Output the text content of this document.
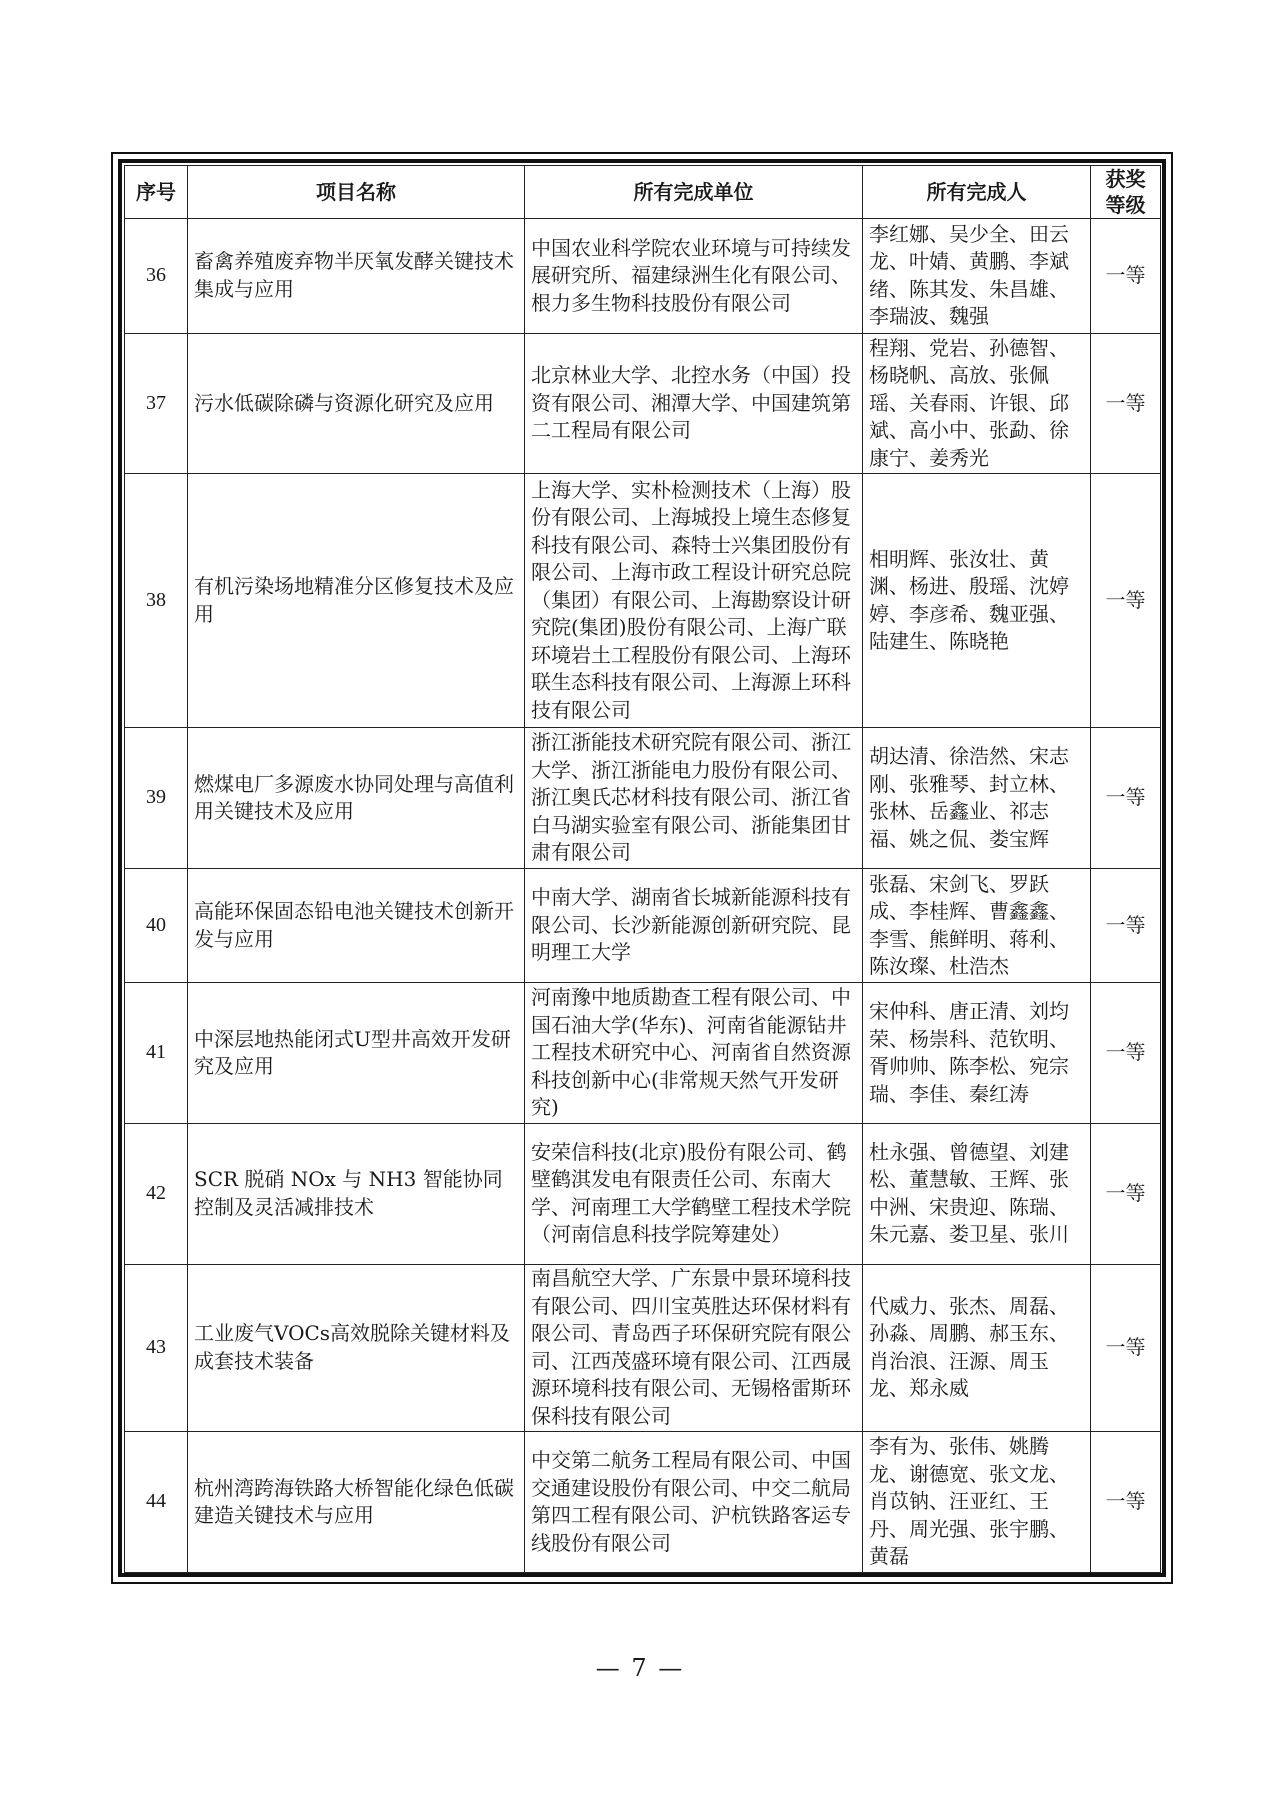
序号	项目名称	所有完成单位	所有完成人	获奖等级
36	畜禽养殖废弃物半厌氧发酵关键技术集成与应用	中国农业科学院农业环境与可持续发展研究所、福建绿洲生化有限公司、根力多生物科技股份有限公司	李红娜、吴少全、田云龙、叶婧、黄鹏、李斌绪、陈其发、朱昌雄、李瑞波、魏强	一等
37	污水低碳除磷与资源化研究及应用	北京林业大学、北控水务（中国）投资有限公司、湘潭大学、中国建筑第二工程局有限公司	程翔、党岩、孙德智、杨晓帆、高放、张佩瑶、关春雨、许银、邱斌、高小中、张勐、徐康宁、姜秀光	一等
38	有机污染场地精准分区修复技术及应用	上海大学、实朴检测技术（上海）股份有限公司、上海城投上境生态修复科技有限公司、森特士兴集团股份有限公司、上海市政工程设计研究总院（集团）有限公司、上海勘察设计研究院(集团)股份有限公司、上海广联环境岩土工程股份有限公司、上海环联生态科技有限公司、上海源上环科技有限公司	相明辉、张汝壮、黄渊、杨进、殷瑶、沈婷婷、李彦希、魏亚强、陆建生、陈晓艳	一等
39	燃煤电厂多源废水协同处理与高值利用关键技术及应用	浙江浙能技术研究院有限公司、浙江大学、浙江浙能电力股份有限公司、浙江奥氏芯材科技有限公司、浙江省白马湖实验室有限公司、浙能集团甘肃有限公司	胡达清、徐浩然、宋志刚、张雅琴、封立林、张林、岳鑫业、祁志福、姚之侃、娄宝辉	一等
40	高能环保固态铅电池关键技术创新开发与应用	中南大学、湖南省长城新能源科技有限公司、长沙新能源创新研究院、昆明理工大学	张磊、宋剑飞、罗跃成、李桂辉、曹鑫鑫、李雪、熊鲜明、蒋利、陈汝璨、杜浩杰	一等
41	中深层地热能闭式U型井高效开发研究及应用	河南豫中地质勘查工程有限公司、中国石油大学(华东)、河南省能源钻井工程技术研究中心、河南省自然资源科技创新中心(非常规天然气开发研究)	宋仲科、唐正清、刘均荣、杨崇科、范钦明、胥帅帅、陈李松、宛宗瑞、李佳、秦红涛	一等
42	SCR 脱硝 NOx 与 NH3 智能协同控制及灵活减排技术	安荣信科技(北京)股份有限公司、鹤壁鹤淇发电有限责任公司、东南大学、河南理工大学鹤壁工程技术学院（河南信息科技学院筹建处）	杜永强、曾德望、刘建松、董慧敏、王辉、张中洲、宋贵迎、陈瑞、朱元嘉、娄卫星、张川	一等
43	工业废气VOCs高效脱除关键材料及成套技术装备	南昌航空大学、广东景中景环境科技有限公司、四川宝英胜达环保材料有限公司、青岛西子环保研究院有限公司、江西茂盛环境有限公司、江西晟源环境科技有限公司、无锡格雷斯环保科技有限公司	代威力、张杰、周磊、孙淼、周鹏、郝玉东、肖治浪、汪源、周玉龙、郑永威	一等
44	杭州湾跨海铁路大桥智能化绿色低碳建造关键技术与应用	中交第二航务工程局有限公司、中国交通建设股份有限公司、中交二航局第四工程有限公司、沪杭铁路客运专线股份有限公司	李有为、张伟、姚腾龙、谢德宽、张文龙、肖苡钠、汪亚红、王丹、周光强、张宇鹏、黄磊	一等
— 7 —
